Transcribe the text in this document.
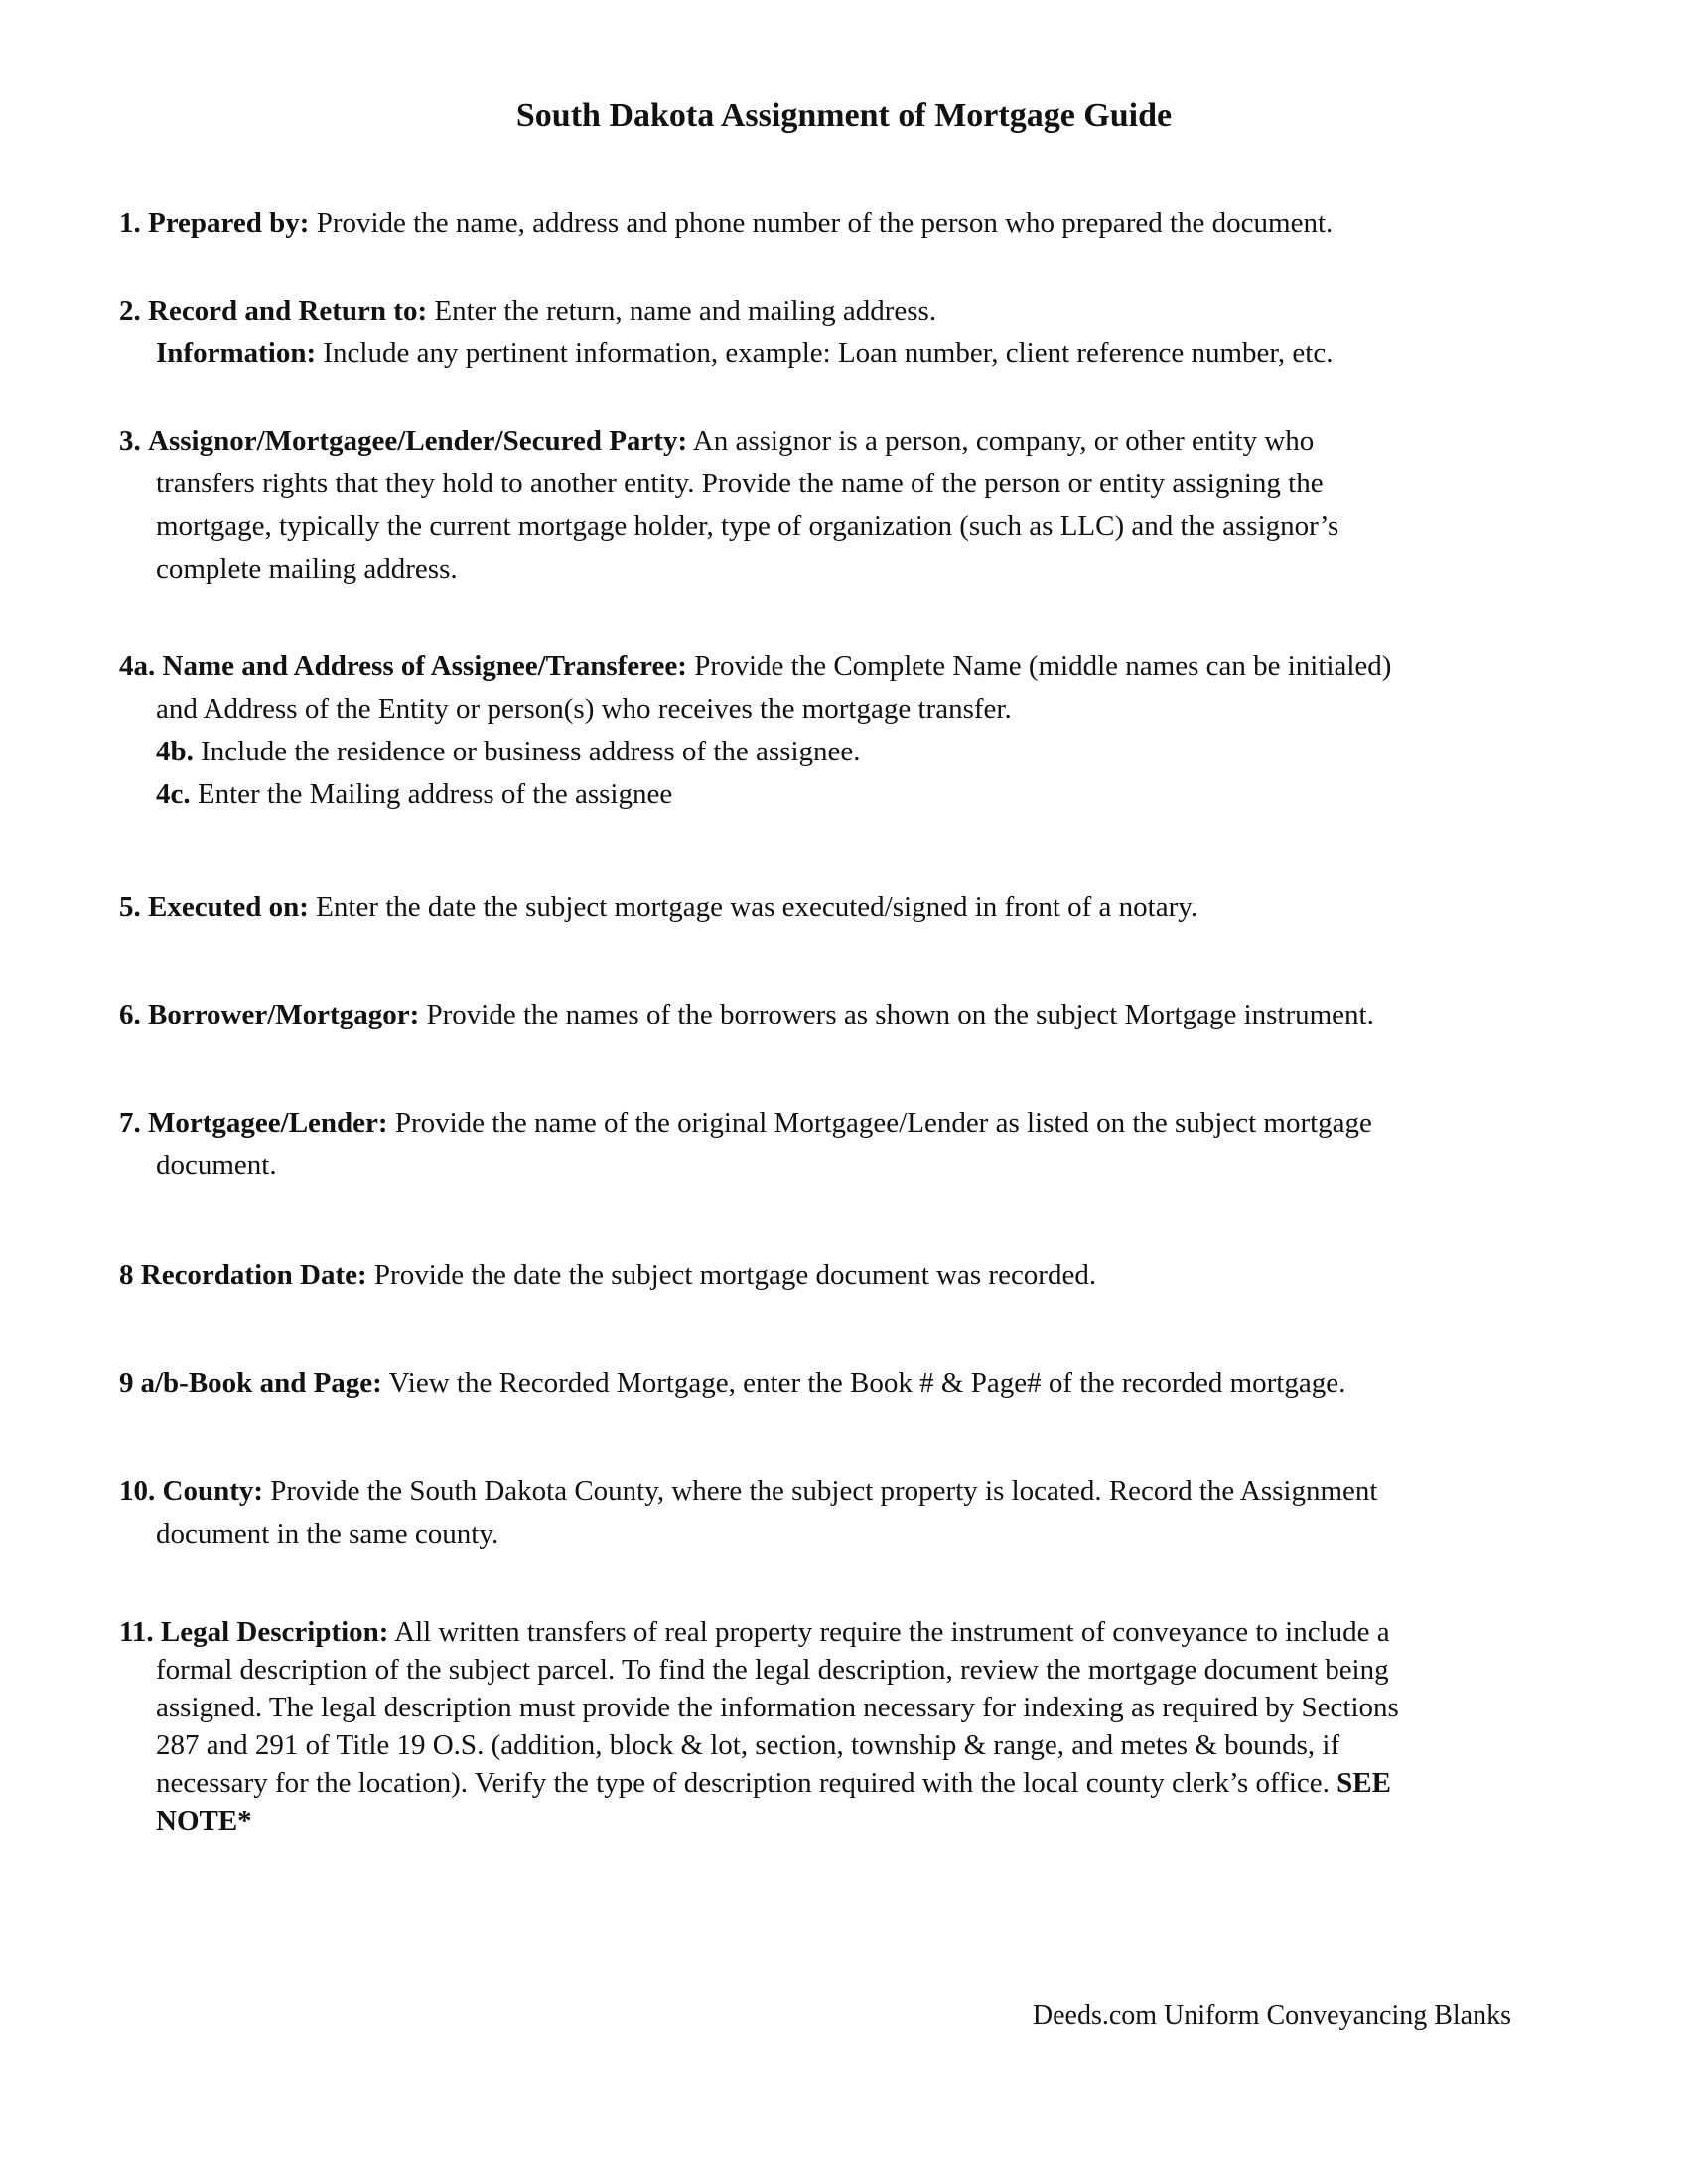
South Dakota Assignment of Mortgage Guide
1. Prepared by: Provide the name, address and phone number of the person who prepared the document.
2. Record and Return to: Enter the return, name and mailing address.
Information: Include any pertinent information, example: Loan number, client reference number, etc.
3. Assignor/Mortgagee/Lender/Secured Party: An assignor is a person, company, or other entity who
transfers rights that they hold to another entity. Provide the name of the person or entity assigning the
mortgage, typically the current mortgage holder, type of organization (such as LLC) and the assignor’s
complete mailing address.
4a. Name and Address of Assignee/Transferee: Provide the Complete Name (middle names can be initialed)
and Address of the Entity or person(s) who receives the mortgage transfer.
4b. Include the residence or business address of the assignee.
4c. Enter the Mailing address of the assignee
5. Executed on: Enter the date the subject mortgage was executed/signed in front of a notary.
6. Borrower/Mortgagor: Provide the names of the borrowers as shown on the subject Mortgage instrument.
7. Mortgagee/Lender: Provide the name of the original Mortgagee/Lender as listed on the subject mortgage
document.
8 Recordation Date: Provide the date the subject mortgage document was recorded.
9 a/b-Book and Page: View the Recorded Mortgage, enter the Book # & Page# of the recorded mortgage.
10. County: Provide the South Dakota County, where the subject property is located. Record the Assignment
document in the same county.
11. Legal Description: All written transfers of real property require the instrument of conveyance to include a
formal description of the subject parcel. To find the legal description, review the mortgage document being
assigned. The legal description must provide the information necessary for indexing as required by Sections
287 and 291 of Title 19 O.S. (addition, block & lot, section, township & range, and metes & bounds, if
necessary for the location). Verify the type of description required with the local county clerk’s office. SEE
NOTE*
Deeds.com Uniform Conveyancing Blanks
